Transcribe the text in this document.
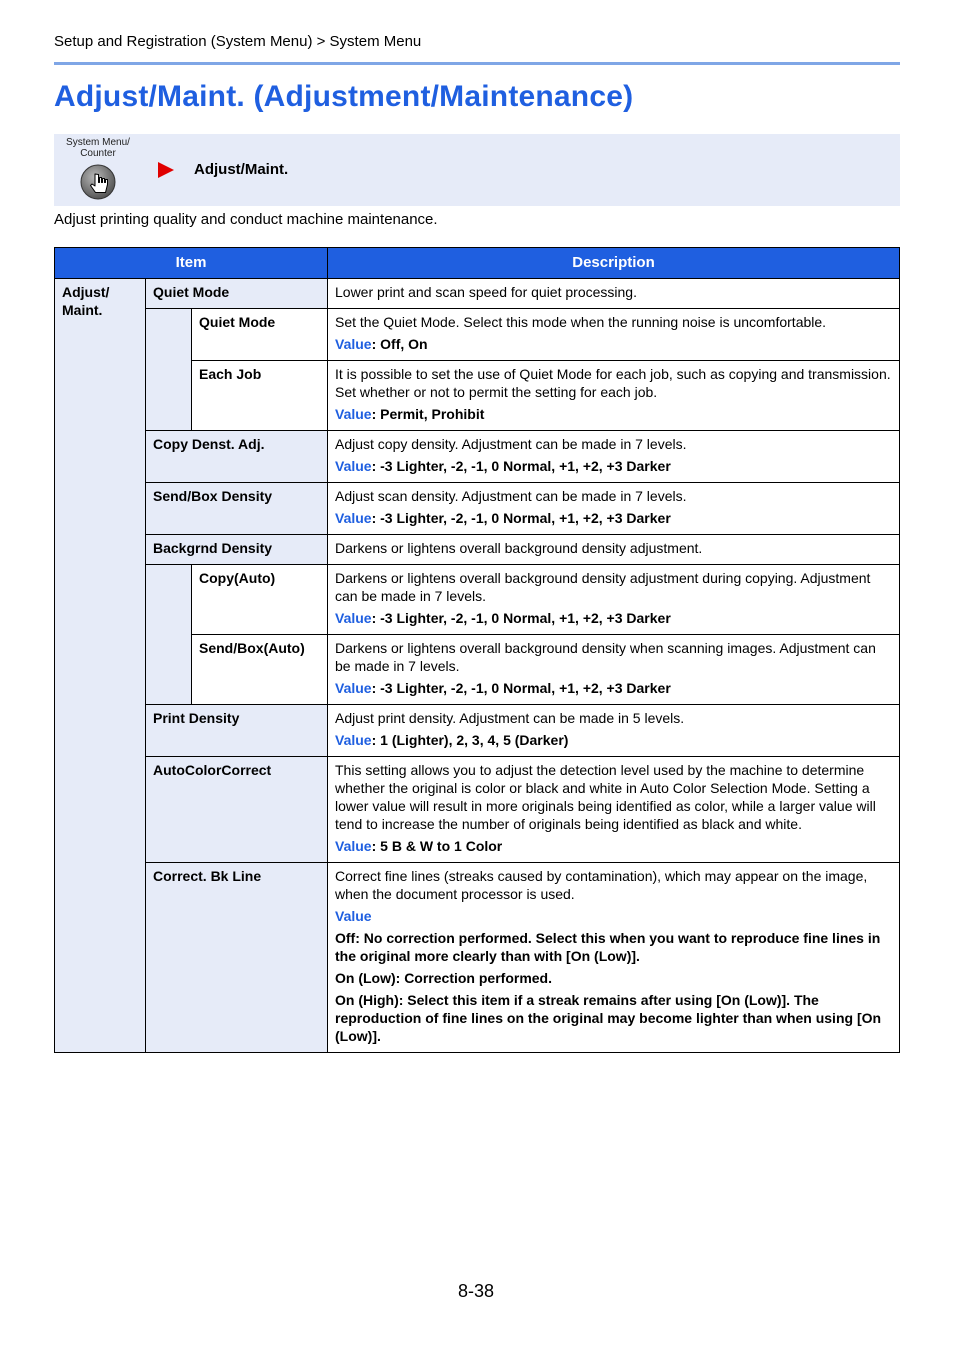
Setup and Registration (System Menu) > System Menu
Adjust/Maint. (Adjustment/Maintenance)
System Menu/
Counter
Adjust/Maint.
Adjust printing quality and conduct machine maintenance.
Item			Description
Adjust/
Maint.	Quiet Mode		Lower print and scan speed for quiet processing.

		Quiet Mode	Set the Quiet Mode. Select this mode when the running noise is uncomfortable.
Value: Off, On

		Each Job	It is possible to set the use of Quiet Mode for each job, such as copying and transmission. Set whether or not to permit the setting for each job.
Value: Permit, Prohibit

	Copy Denst. Adj.		Adjust copy density. Adjustment can be made in 7 levels.
Value: -3 Lighter, -2, -1, 0 Normal, +1, +2, +3 Darker

	Send/Box Density		Adjust scan density. Adjustment can be made in 7 levels.
Value: -3 Lighter, -2, -1, 0 Normal, +1, +2, +3 Darker

	Backgrnd Density		Darkens or lightens overall background density adjustment.

		Copy(Auto)	Darkens or lightens overall background density adjustment during copying. Adjustment can be made in 7 levels.
Value: -3 Lighter, -2, -1, 0 Normal, +1, +2, +3 Darker

		Send/Box(Auto)	Darkens or lightens overall background density when scanning images. Adjustment can be made in 7 levels.
Value: -3 Lighter, -2, -1, 0 Normal, +1, +2, +3 Darker

	Print Density		Adjust print density. Adjustment can be made in 5 levels.
Value: 1 (Lighter), 2, 3, 4, 5 (Darker)

	AutoColorCorrect		This setting allows you to adjust the detection level used by the machine to determine whether the original is color or black and white in Auto Color Selection Mode. Setting a lower value will result in more originals being identified as color, while a larger value will tend to increase the number of originals being identified as black and white.
Value: 5 B & W to 1 Color

	Correct. Bk Line		Correct fine lines (streaks caused by contamination), which may appear on the image, when the document processor is used.
Value
Off: No correction performed. Select this when you want to reproduce fine lines in the original more clearly than with [On (Low)].
On (Low): Correction performed.
On (High): Select this item if a streak remains after using [On (Low)]. The reproduction of fine lines on the original may become lighter than when using [On (Low)].
8-38
